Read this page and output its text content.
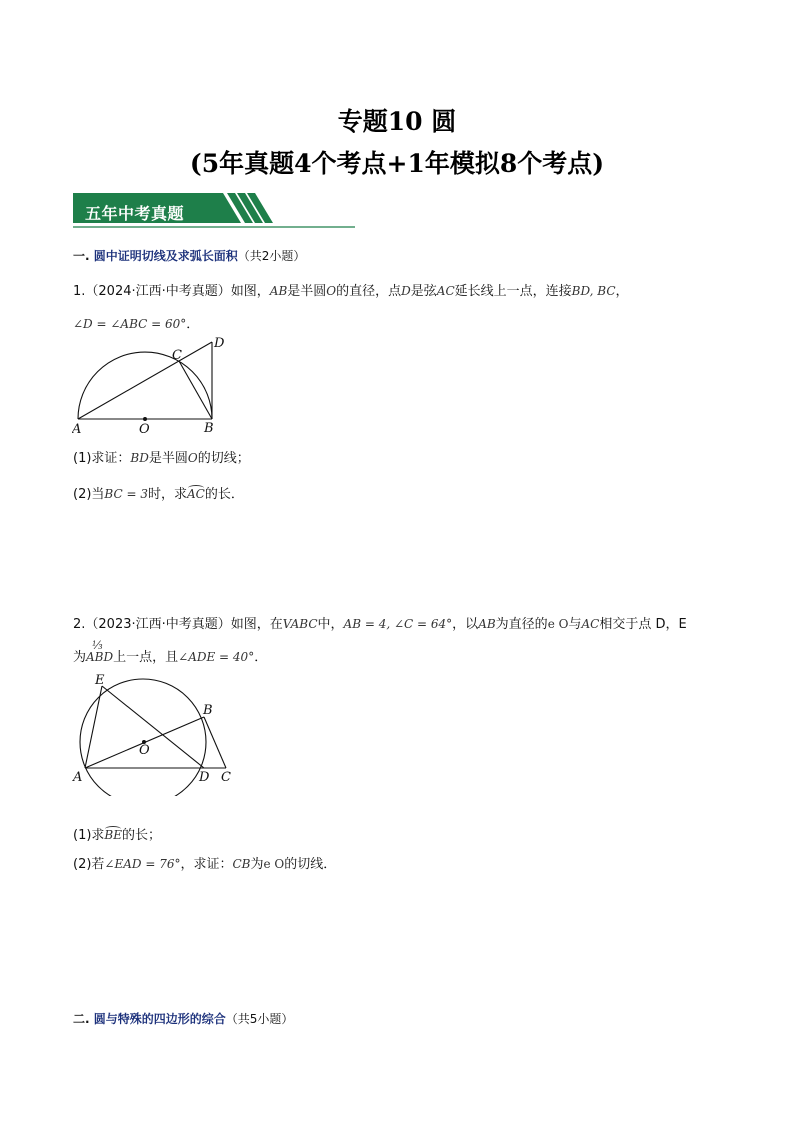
专题10 圆
(5年真题4个考点+1年模拟8个考点)
五年中考真题
一. 圆中证明切线及求弧长面积（共2小题）
1.（2024·江西·中考真题）如图，AB是半圆O的直径，点D是弦AC延长线上一点，连接BD, BC，
∠D = ∠ABC = 60°．
A	O	B
C
D
(1)求证：BD是半圆O的切线；
(2)当BC = 3时，求AC的长．
2.（2023·江西·中考真题）如图，在VABC中，AB = 4, ∠C = 64°，以AB为直径的e O与AC相交于点 D，E
⅓
为ABD上一点，且∠ADE = 40°．
E
B
O
A	D C
(1)求BE的长；
(2)若∠EAD = 76°，求证：CB为e O的切线．
二. 圆与特殊的四边形的综合（共5小题）
